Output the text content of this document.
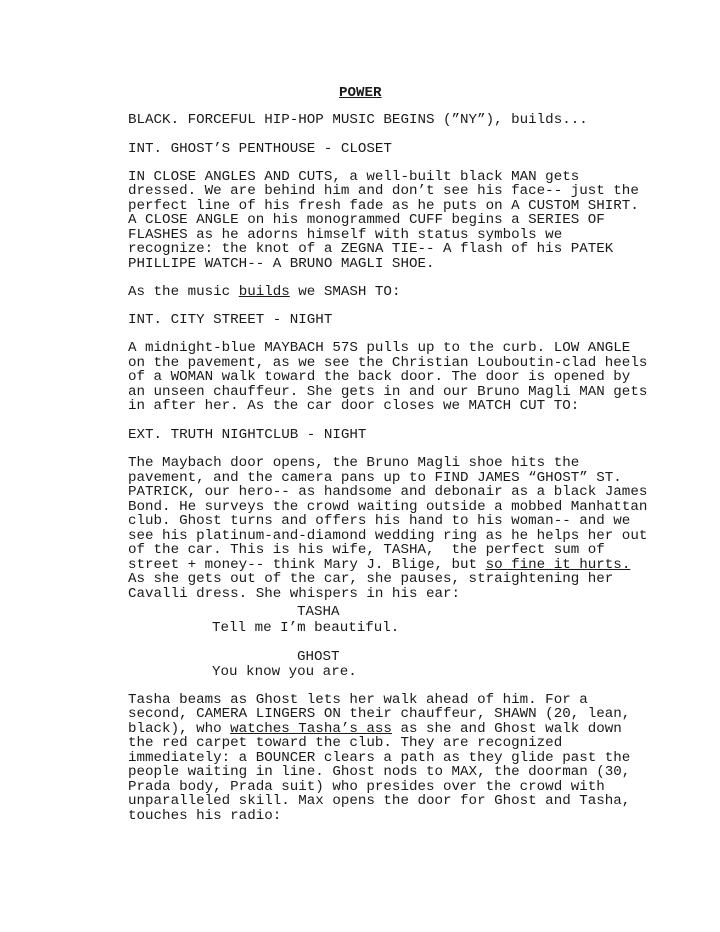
POWER
BLACK. FORCEFUL HIP-HOP MUSIC BEGINS (”NY”), builds...
INT. GHOST’S PENTHOUSE - CLOSET
IN CLOSE ANGLES AND CUTS, a well-built black MAN gets
dressed. We are behind him and don’t see his face-- just the
perfect line of his fresh fade as he puts on A CUSTOM SHIRT.
A CLOSE ANGLE on his monogrammed CUFF begins a SERIES OF
FLASHES as he adorns himself with status symbols we
recognize: the knot of a ZEGNA TIE-- A flash of his PATEK
PHILLIPE WATCH-- A BRUNO MAGLI SHOE.
As the music builds we SMASH TO:
INT. CITY STREET - NIGHT
A midnight-blue MAYBACH 57S pulls up to the curb. LOW ANGLE
on the pavement, as we see the Christian Louboutin-clad heels
of a WOMAN walk toward the back door. The door is opened by
an unseen chauffeur. She gets in and our Bruno Magli MAN gets
in after her. As the car door closes we MATCH CUT TO:
EXT. TRUTH NIGHTCLUB - NIGHT
The Maybach door opens, the Bruno Magli shoe hits the
pavement, and the camera pans up to FIND JAMES “GHOST” ST.
PATRICK, our hero-- as handsome and debonair as a black James
Bond. He surveys the crowd waiting outside a mobbed Manhattan
club. Ghost turns and offers his hand to his woman-- and we
see his platinum-and-diamond wedding ring as he helps her out
of the car. This is his wife, TASHA,  the perfect sum of
street + money-- think Mary J. Blige, but so fine it hurts.
As she gets out of the car, she pauses, straightening her
Cavalli dress. She whispers in his ear:
TASHA
Tell me I’m beautiful.
GHOST
You know you are.
Tasha beams as Ghost lets her walk ahead of him. For a
second, CAMERA LINGERS ON their chauffeur, SHAWN (20, lean,
black), who watches Tasha’s ass as she and Ghost walk down
the red carpet toward the club. They are recognized
immediately: a BOUNCER clears a path as they glide past the
people waiting in line. Ghost nods to MAX, the doorman (30,
Prada body, Prada suit) who presides over the crowd with
unparalleled skill. Max opens the door for Ghost and Tasha,
touches his radio:
